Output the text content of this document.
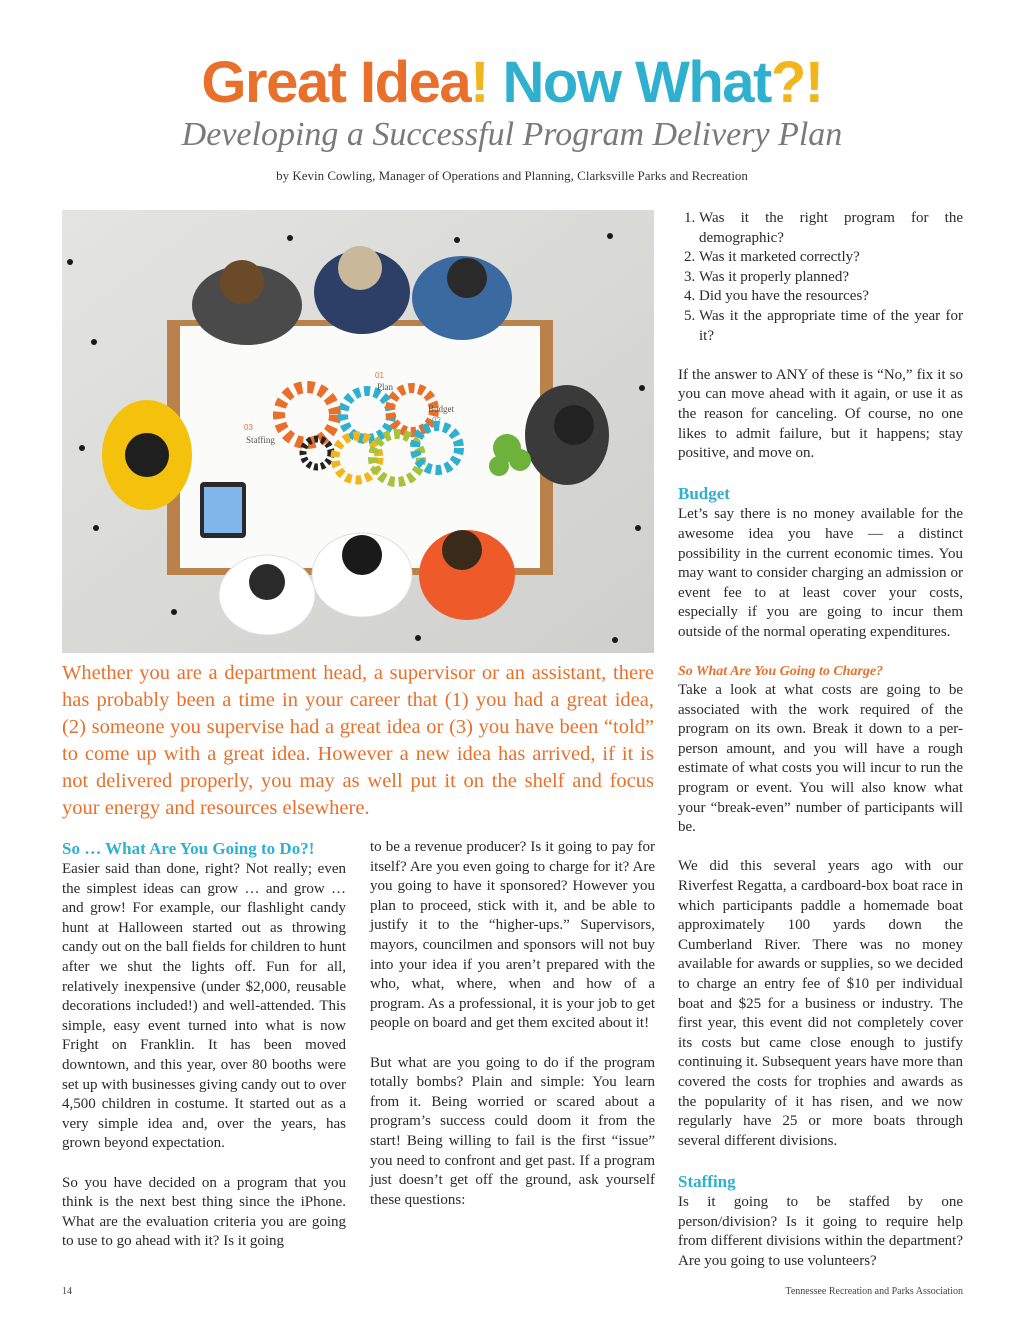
Great Idea! Now What?!
Developing a Successful Program Delivery Plan
by Kevin Cowling, Manager of Operations and Planning, Clarksville Parks and Recreation
01
Plan
Budget
02
03
Staffing
Whether you are a department head, a supervisor or an assistant, there has probably been a time in your career that (1) you had a great idea, (2) someone you supervise had a great idea or (3) you have been “told” to come up with a great idea. However a new idea has arrived, if it is not delivered properly, you may as well put it on the shelf and focus your energy and resources elsewhere.
So … What Are You Going to Do?!

Easier said than done, right? Not really; even the simplest ideas can grow … and grow … and grow! For example, our flashlight candy hunt at Halloween started out as throwing candy out on the ball fields for children to hunt after we shut the lights off. Fun for all, relatively inexpensive (under $2,000, reusable decorations included!) and well-attended. This simple, easy event turned into what is now Fright on Franklin. It has been moved downtown, and this year, over 80 booths were set up with businesses giving candy out to over 4,500 children in costume. It started out as a very simple idea and, over the years, has grown beyond expectation.

So you have decided on a program that you think is the next best thing since the iPhone. What are the evaluation criteria you are going to use to go ahead with it? Is it going

to be a revenue producer? Is it going to pay for itself? Are you even going to charge for it? Are you going to have it sponsored? However you plan to proceed, stick with it, and be able to justify it to the “higher-ups.” Supervisors, mayors, councilmen and sponsors will not buy into your idea if you aren’t prepared with the who, what, where, when and how of a program. As a professional, it is your job to get people on board and get them excited about it!

But what are you going to do if the program totally bombs? Plain and simple: You learn from it. Being worried or scared about a program’s success could doom it from the start! Being willing to fail is the first “issue” you need to confront and get past. If a program just doesn’t get off the ground, ask yourself these questions:

1. Was it the right program for the demographic?
2. Was it marketed correctly?
3. Was it properly planned?
4. Did you have the resources?
5. Was it the appropriate time of the year for it?

If the answer to ANY of these is “No,” fix it so you can move ahead with it again, or use it as the reason for canceling. Of course, no one likes to admit failure, but it happens; stay positive, and move on.

Budget

Let’s say there is no money available for the awesome idea you have — a distinct possibility in the current economic times. You may want to consider charging an admission or event fee to at least cover your costs, especially if you are going to incur them outside of the normal operating expenditures.

So What Are You Going to Charge?

Take a look at what costs are going to be associated with the work required of the program on its own. Break it down to a per-person amount, and you will have a rough estimate of what costs you will incur to run the program or event. You will also know what your “break-even” number of participants will be.

We did this several years ago with our Riverfest Regatta, a cardboard-box boat race in which participants paddle a homemade boat approximately 100 yards down the Cumberland River. There was no money available for awards or supplies, so we decided to charge an entry fee of $10 per individual boat and $25 for a business or industry. The first year, this event did not completely cover its costs but came close enough to justify continuing it. Subsequent years have more than covered the costs for trophies and awards as the popularity of it has risen, and we now regularly have 25 or more boats through several different divisions.

Staffing

Is it going to be staffed by one person/division? Is it going to require help from different divisions within the department? Are you going to use volunteers?

14	Tennessee Recreation and Parks Association
